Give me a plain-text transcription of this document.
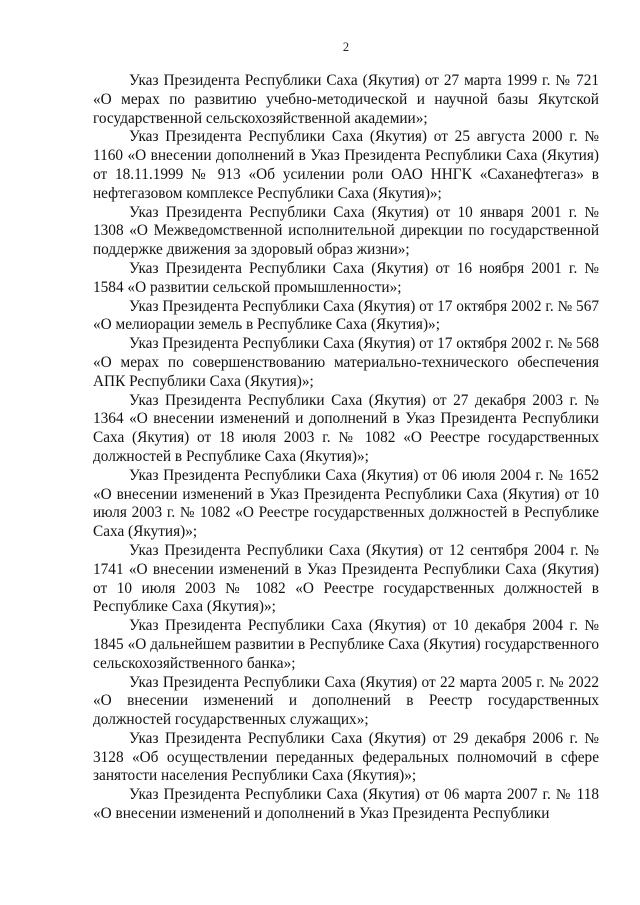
2

Указ Президента Республики Саха (Якутия) от 27 марта 1999 г. № 721 «О мерах по развитию учебно-методической и научной базы Якутской государственной сельскохозяйственной академии»;

Указ Президента Республики Саха (Якутия) от 25 августа 2000 г. № 1160 «О внесении дополнений в Указ Президента Республики Саха (Якутия) от 18.11.1999 № 913 «Об усилении роли ОАО ННГК «Саханефтегаз» в нефтегазовом комплексе Республики Саха (Якутия)»;

Указ Президента Республики Саха (Якутия) от 10 января 2001 г. № 1308 «О Межведомственной исполнительной дирекции по государственной поддержке движения за здоровый образ жизни»;

Указ Президента Республики Саха (Якутия) от 16 ноября 2001 г. № 1584 «О развитии сельской промышленности»;

Указ Президента Республики Саха (Якутия) от 17 октября 2002 г. № 567 «О мелиорации земель в Республике Саха (Якутия)»;

Указ Президента Республики Саха (Якутия) от 17 октября 2002 г. № 568 «О мерах по совершенствованию материально-технического обеспечения АПК Республики Саха (Якутия)»;

Указ Президента Республики Саха (Якутия) от 27 декабря 2003 г. № 1364 «О внесении изменений и дополнений в Указ Президента Республики Саха (Якутия) от 18 июля 2003 г. № 1082 «О Реестре государственных должностей в Республике Саха (Якутия)»;

Указ Президента Республики Саха (Якутия) от 06 июля 2004 г. № 1652 «О внесении изменений в Указ Президента Республики Саха (Якутия) от 10 июля 2003 г. № 1082 «О Реестре государственных должностей в Республике Саха (Якутия)»;

Указ Президента Республики Саха (Якутия) от 12 сентября 2004 г. № 1741 «О внесении изменений в Указ Президента Республики Саха (Якутия) от 10 июля 2003 № 1082 «О Реестре государственных должностей в Республике Саха (Якутия)»;

Указ Президента Республики Саха (Якутия) от 10 декабря 2004 г. № 1845 «О дальнейшем развитии в Республике Саха (Якутия) государственного сельскохозяйственного банка»;

Указ Президента Республики Саха (Якутия) от 22 марта 2005 г. № 2022 «О внесении изменений и дополнений в Реестр государственных должностей государственных служащих»;

Указ Президента Республики Саха (Якутия) от 29 декабря 2006 г. № 3128 «Об осуществлении переданных федеральных полномочий в сфере занятости населения Республики Саха (Якутия)»;

Указ Президента Республики Саха (Якутия) от 06 марта 2007 г. № 118 «О внесении изменений и дополнений в Указ Президента Республики
